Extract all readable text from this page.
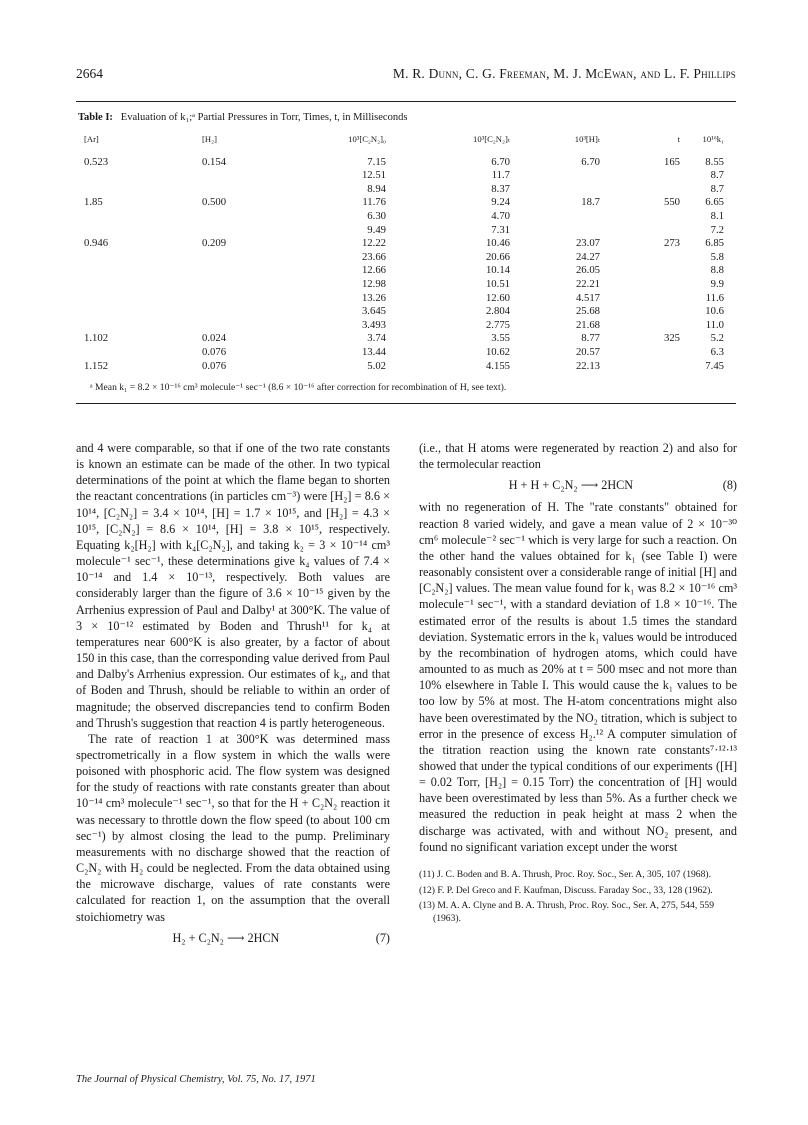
2664	M. R. Dunn, C. G. Freeman, M. J. McEwan, and L. F. Phillips
Table I: Evaluation of k₁;ᵃ Partial Pressures in Torr, Times, t, in Milliseconds
[Ar]	[H₂]	10³[C₂N₂]₀	10³[C₂N₂]ₜ	10³[H]ₜ	t	10¹⁶k₁
0.523	0.154	7.15	6.70	6.70	165	8.55
		12.51	11.7			8.7
		8.94	8.37			8.7
1.85	0.500	11.76	9.24	18.7	550	6.65
		6.30	4.70			8.1
		9.49	7.31			7.2
0.946	0.209	12.22	10.46	23.07	273	6.85
		23.66	20.66	24.27		5.8
		12.66	10.14	26.05		8.8
		12.98	10.51	22.21		9.9
		13.26	12.60	4.517		11.6
		3.645	2.804	25.68		10.6
		3.493	2.775	21.68		11.0
1.102	0.024	3.74	3.55	8.77	325	5.2
	0.076	13.44	10.62	20.57		6.3
1.152	0.076	5.02	4.155	22.13		7.45
ᵃ Mean k₁ = 8.2 × 10⁻¹⁶ cm³ molecule⁻¹ sec⁻¹ (8.6 × 10⁻¹⁶ after correction for recombination of H, see text).

and 4 were comparable, so that if one of the two rate constants is known an estimate can be made of the other. In two typical determinations of the point at which the flame began to shorten the reactant concentrations (in particles cm⁻³) were [H₂] = 8.6 × 10¹⁴, [C₂N₂] = 3.4 × 10¹⁴, [H] = 1.7 × 10¹⁵, and [H₂] = 4.3 × 10¹⁵, [C₂N₂] = 8.6 × 10¹⁴, [H] = 3.8 × 10¹⁵, respectively. Equating k₂[H₂] with k₄[C₂N₂], and taking k₂ = 3 × 10⁻¹⁴ cm³ molecule⁻¹ sec⁻¹, these determinations give k₄ values of 7.4 × 10⁻¹⁴ and 1.4 × 10⁻¹³, respectively. Both values are considerably larger than the figure of 3.6 × 10⁻¹⁵ given by the Arrhenius expression of Paul and Dalby¹ at 300°K. The value of 3 × 10⁻¹² estimated by Boden and Thrush¹¹ for k₄ at temperatures near 600°K is also greater, by a factor of about 150 in this case, than the corresponding value derived from Paul and Dalby's Arrhenius expression. Our estimates of k₄, and that of Boden and Thrush, should be reliable to within an order of magnitude; the observed discrepancies tend to confirm Boden and Thrush's suggestion that reaction 4 is partly heterogeneous.

The rate of reaction 1 at 300°K was determined mass spectrometrically in a flow system in which the walls were poisoned with phosphoric acid. The flow system was designed for the study of reactions with rate constants greater than about 10⁻¹⁴ cm³ molecule⁻¹ sec⁻¹, so that for the H + C₂N₂ reaction it was necessary to throttle down the flow speed (to about 100 cm sec⁻¹) by almost closing the lead to the pump. Preliminary measurements with no discharge showed that the reaction of C₂N₂ with H₂ could be neglected. From the data obtained using the microwave discharge, values of rate constants were calculated for reaction 1, on the assumption that the overall stoichiometry was

H₂ + C₂N₂ ⟶ 2HCN	(7)

(i.e., that H atoms were regenerated by reaction 2) and also for the termolecular reaction

H + H + C₂N₂ ⟶ 2HCN	(8)

with no regeneration of H. The "rate constants" obtained for reaction 8 varied widely, and gave a mean value of 2 × 10⁻³⁰ cm⁶ molecule⁻² sec⁻¹ which is very large for such a reaction. On the other hand the values obtained for k₁ (see Table I) were reasonably consistent over a considerable range of initial [H] and [C₂N₂] values. The mean value found for k₁ was 8.2 × 10⁻¹⁶ cm³ molecule⁻¹ sec⁻¹, with a standard deviation of 1.8 × 10⁻¹⁶. The estimated error of the results is about 1.5 times the standard deviation. Systematic errors in the k₁ values would be introduced by the recombination of hydrogen atoms, which could have amounted to as much as 20% at t = 500 msec and not more than 10% elsewhere in Table I. This would cause the k₁ values to be too low by 5% at most. The H-atom concentrations might also have been overestimated by the NO₂ titration, which is subject to error in the presence of excess H₂.¹² A computer simulation of the titration reaction using the known rate constants⁷·¹²·¹³ showed that under the typical conditions of our experiments ([H] = 0.02 Torr, [H₂] = 0.15 Torr) the concentration of [H] would have been overestimated by less than 5%. As a further check we measured the reduction in peak height at mass 2 when the discharge was activated, with and without NO₂ present, and found no significant variation except under the worst

(11) J. C. Boden and B. A. Thrush, Proc. Roy. Soc., Ser. A, 305, 107 (1968).

(12) F. P. Del Greco and F. Kaufman, Discuss. Faraday Soc., 33, 128 (1962).

(13) M. A. A. Clyne and B. A. Thrush, Proc. Roy. Soc., Ser. A, 275, 544, 559 (1963).

The Journal of Physical Chemistry, Vol. 75, No. 17, 1971
